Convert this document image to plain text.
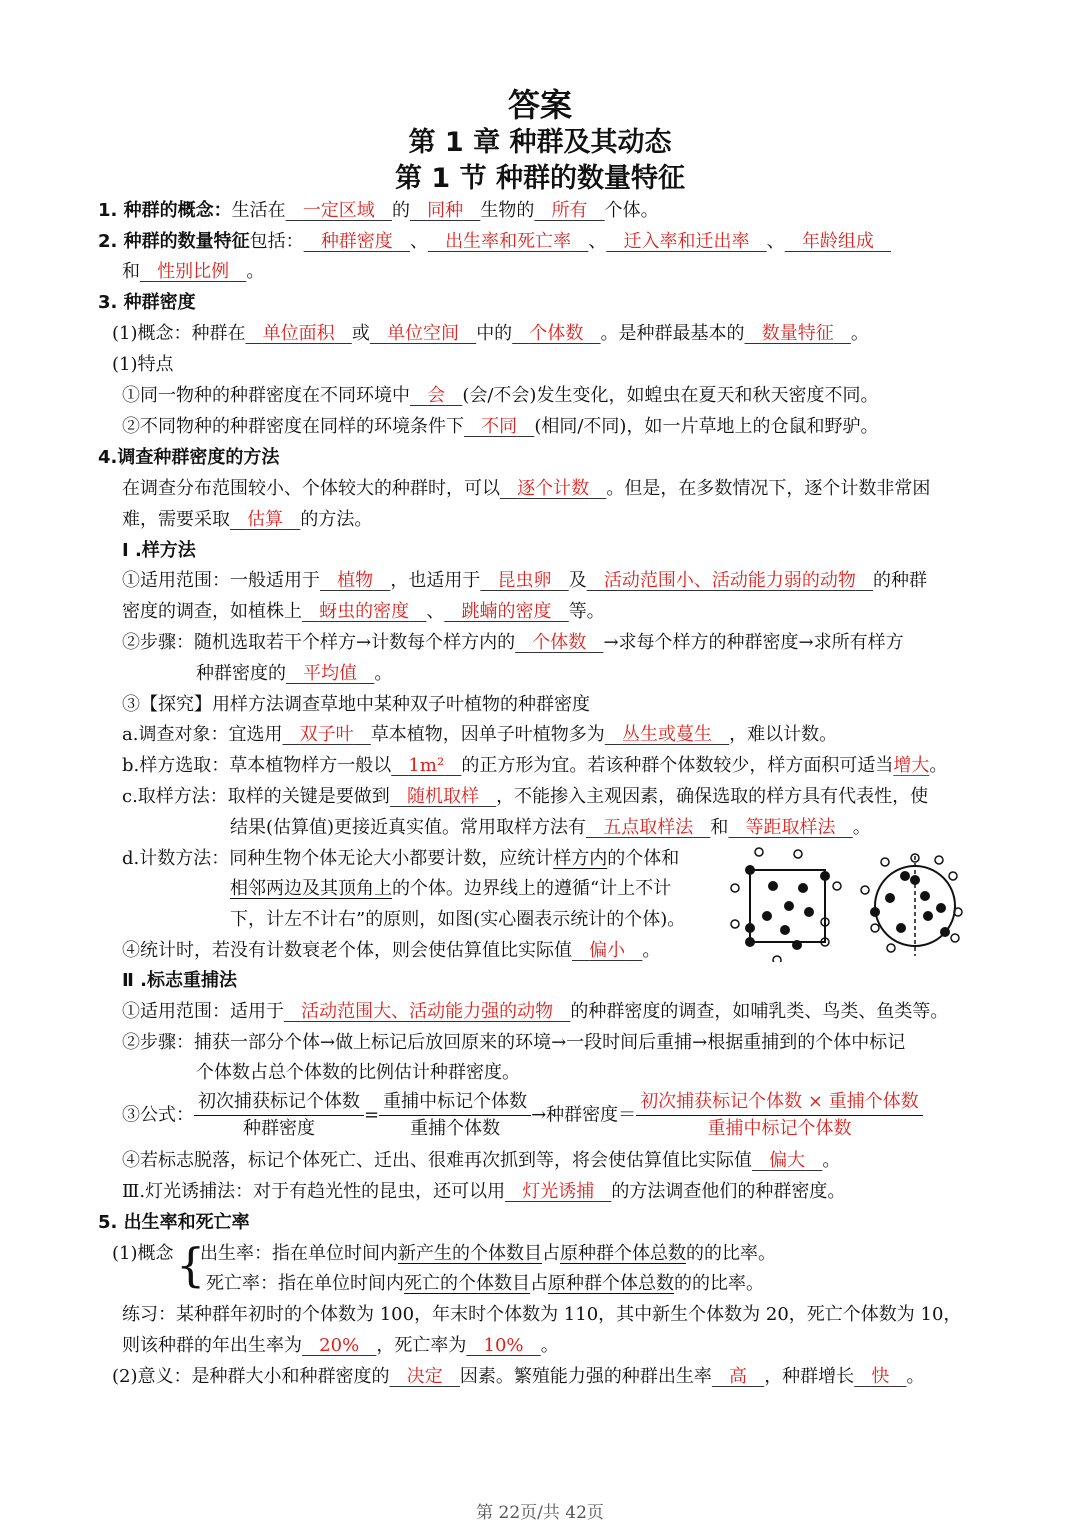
答案
第 1 章 种群及其动态
第 1 节 种群的数量特征
1. 种群的概念：生活在 一定区域 的 同种 生物的 所有 个体。
2. 种群的数量特征包括： 种群密度 、 出生率和死亡率 、 迁入率和迁出率 、 年龄组成
和 性别比例 。
3. 种群密度
(1)概念：种群在 单位面积 或 单位空间 中的 个体数 。是种群最基本的 数量特征 。
(1)特点
①同一物种的种群密度在不同环境中 会 (会/不会)发生变化，如蝗虫在夏天和秋天密度不同。
②不同物种的种群密度在同样的环境条件下 不同 (相同/不同)，如一片草地上的仓鼠和野驴。
4.调查种群密度的方法
在调查分布范围较小、个体较大的种群时，可以 逐个计数 。但是，在多数情况下，逐个计数非常困
难，需要采取 估算 的方法。
Ⅰ .样方法
①适用范围：一般适用于 植物 ，也适用于 昆虫卵 及 活动范围小、活动能力弱的动物 的种群
密度的调查，如植株上 蚜虫的密度 、 跳蝻的密度 等。
②步骤：随机选取若干个样方→计数每个样方内的 个体数 →求每个样方的种群密度→求所有样方
种群密度的 平均值 。
③【探究】用样方法调查草地中某种双子叶植物的种群密度
a.调查对象：宜选用 双子叶 草本植物，因单子叶植物多为 丛生或蔓生 ，难以计数。
b.样方选取：草本植物样方一般以 1m² 的正方形为宜。若该种群个体数较少，样方面积可适当增大。
c.取样方法：取样的关键是要做到 随机取样 ，不能掺入主观因素，确保选取的样方具有代表性，使
结果(估算值)更接近真实值。常用取样方法有 五点取样法 和 等距取样法 。
d.计数方法：同种生物个体无论大小都要计数，应统计样方内的个体和
相邻两边及其顶角上的个体。边界线上的遵循“计上不计
下，计左不计右”的原则，如图(实心圈表示统计的个体)。
④统计时，若没有计数衰老个体，则会使估算值比实际值 偏小 。
Ⅱ .标志重捕法
①适用范围：适用于 活动范围大、活动能力强的动物 的种群密度的调查，如哺乳类、鸟类、鱼类等。
②步骤：捕获一部分个体→做上标记后放回原来的环境→一段时间后重捕→根据重捕到的个体中标记
个体数占总个体数的比例估计种群密度。
③公式： $\frac{\text{初次捕获标记个体数}}{\text{种群密度}} = \frac{\text{重捕中标记个体数}}{\text{重捕个体数}}$ →种群密度＝ $\frac{\text{初次捕获标记个体数 × 重捕个体数}}{\text{重捕中标记个体数}}$
④若标志脱落，标记个体死亡、迁出、很难再次抓到等，将会使估算值比实际值 偏大 。
Ⅲ.灯光诱捕法：对于有趋光性的昆虫，还可以用 灯光诱捕 的方法调查他们的种群密度。
5. 出生率和死亡率
(1)概念 {
出生率：指在单位时间内新产生的个体数目占原种群个体总数的的比率。
死亡率：指在单位时间内死亡的个体数目占原种群个体总数的的比率。
练习：某种群年初时的个体数为 100，年末时个体数为 110，其中新生个体数为 20，死亡个体数为 10，
则该种群的年出生率为 20% ，死亡率为 10% 。
(2)意义：是种群大小和种群密度的 决定 因素。繁殖能力强的种群出生率 高 ，种群增长 快 。
第 22页/共 42页
